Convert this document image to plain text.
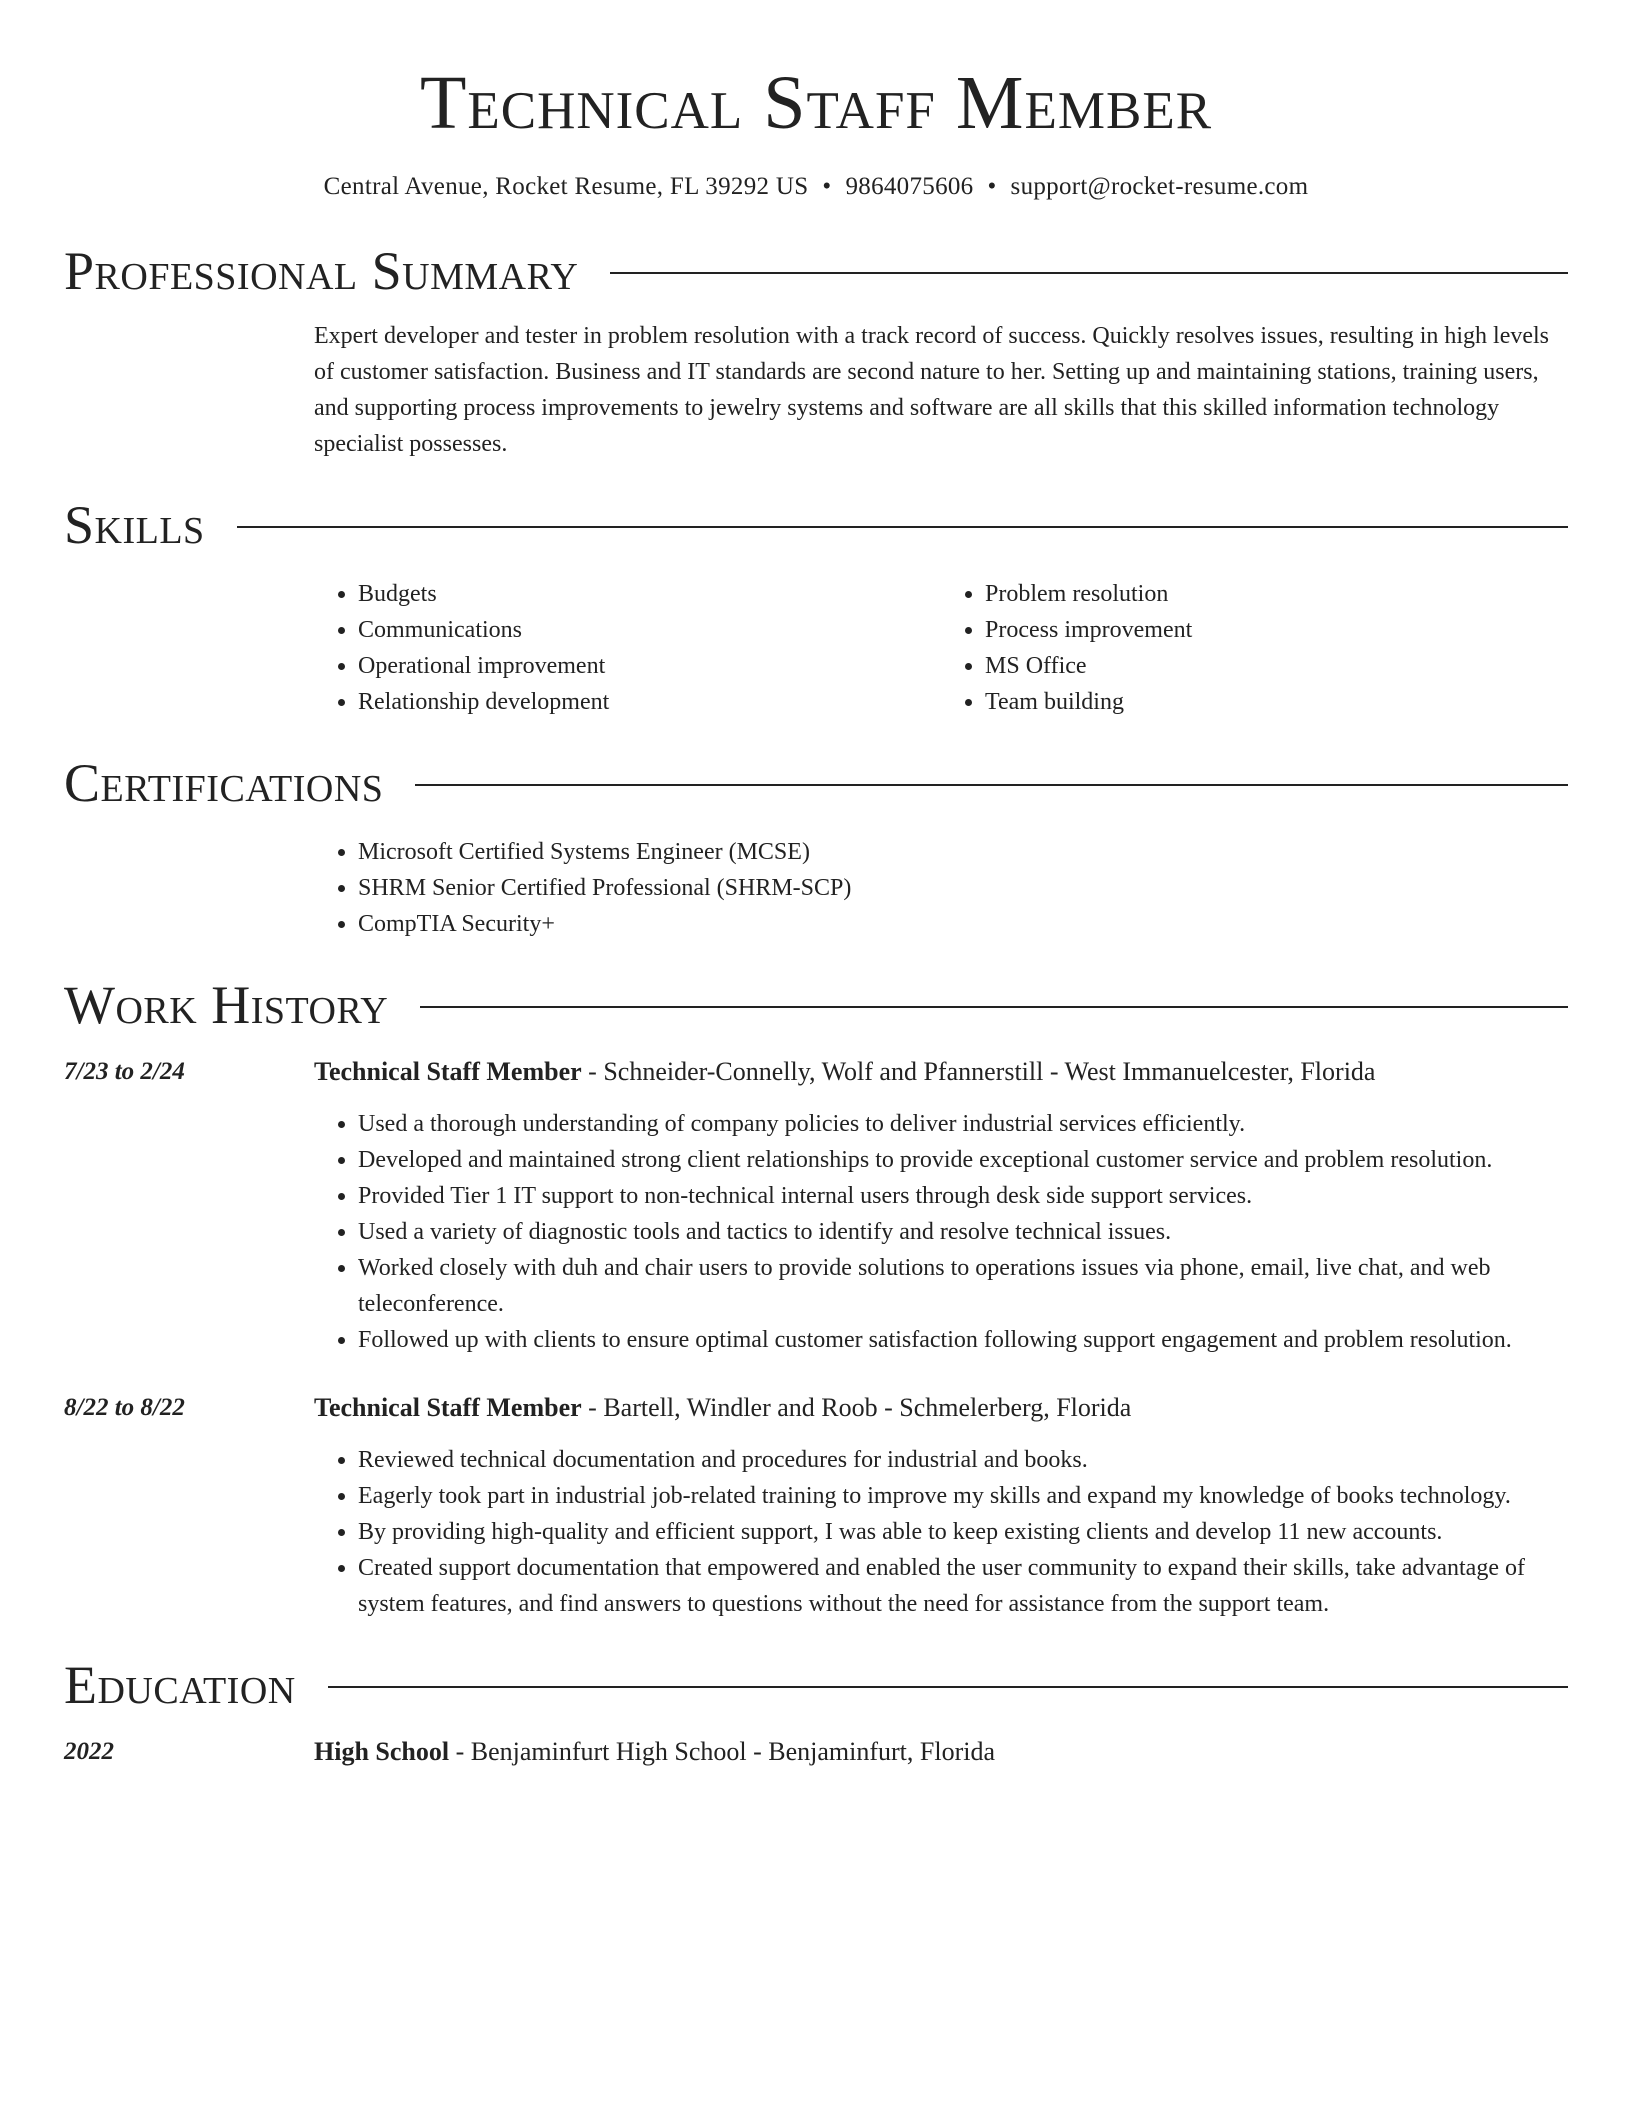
Technical Staff Member
Central Avenue, Rocket Resume, FL 39292 US • 9864075606 • support@rocket-resume.com
Professional Summary
Expert developer and tester in problem resolution with a track record of success. Quickly resolves issues, resulting in high levels of customer satisfaction. Business and IT standards are second nature to her. Setting up and maintaining stations, training users, and supporting process improvements to jewelry systems and software are all skills that this skilled information technology specialist possesses.
Skills
• Budgets
• Communications
• Operational improvement
• Relationship development
• Problem resolution
• Process improvement
• MS Office
• Team building
Certifications
• Microsoft Certified Systems Engineer (MCSE)
• SHRM Senior Certified Professional (SHRM-SCP)
• CompTIA Security+
Work History
7/23 to 2/24	Technical Staff Member - Schneider-Connelly, Wolf and Pfannerstill - West Immanuelcester, Florida
• Used a thorough understanding of company policies to deliver industrial services efficiently.
• Developed and maintained strong client relationships to provide exceptional customer service and problem resolution.
• Provided Tier 1 IT support to non-technical internal users through desk side support services.
• Used a variety of diagnostic tools and tactics to identify and resolve technical issues.
• Worked closely with duh and chair users to provide solutions to operations issues via phone, email, live chat, and web teleconference.
• Followed up with clients to ensure optimal customer satisfaction following support engagement and problem resolution.
8/22 to 8/22	Technical Staff Member - Bartell, Windler and Roob - Schmelerberg, Florida
• Reviewed technical documentation and procedures for industrial and books.
• Eagerly took part in industrial job-related training to improve my skills and expand my knowledge of books technology.
• By providing high-quality and efficient support, I was able to keep existing clients and develop 11 new accounts.
• Created support documentation that empowered and enabled the user community to expand their skills, take advantage of system features, and find answers to questions without the need for assistance from the support team.
Education
2022	High School - Benjaminfurt High School - Benjaminfurt, Florida
